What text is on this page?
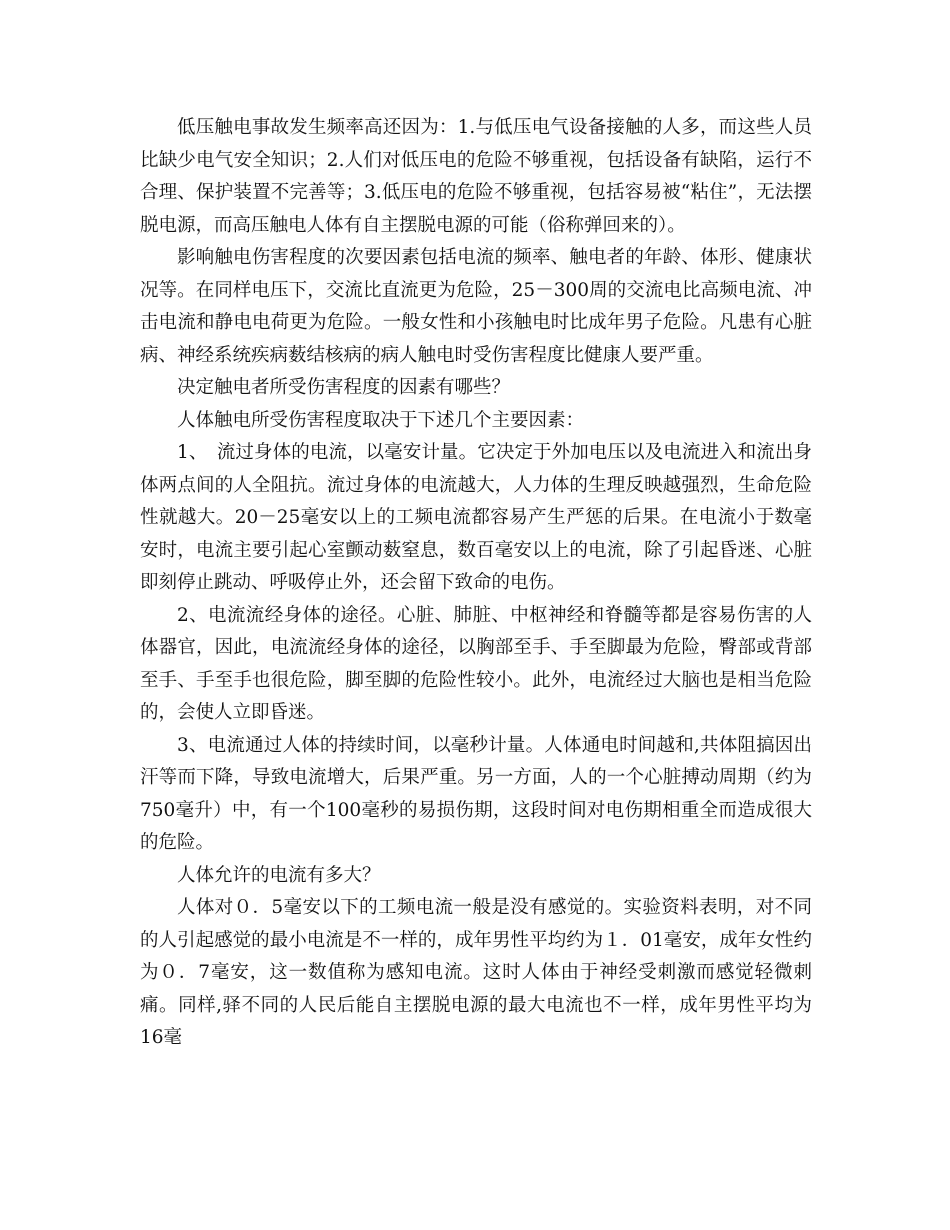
低压触电事故发生频率高还因为：1.与低压电气设备接触的人多，而这些人员比缺少电气安全知识；2.人们对低压电的危险不够重视，包括设备有缺陷，运行不合理、保护装置不完善等；3.低压电的危险不够重视，包括容易被“粘住”，无法摆脱电源，而高压触电人体有自主摆脱电源的可能（俗称弹回来的）。

影响触电伤害程度的次要因素包括电流的频率、触电者的年龄、体形、健康状况等。在同样电压下，交流比直流更为危险，25－300周的交流电比高频电流、冲击电流和静电电荷更为危险。一般女性和小孩触电时比成年男子危险。凡患有心脏病、神经系统疾病薮结核病的病人触电时受伤害程度比健康人要严重。

决定触电者所受伤害程度的因素有哪些？

人体触电所受伤害程度取决于下述几个主要因素：

1、　流过身体的电流，以毫安计量。它决定于外加电压以及电流进入和流出身体两点间的人全阻抗。流过身体的电流越大，人力体的生理反映越强烈，生命危险性就越大。20－25毫安以上的工频电流都容易产生严惩的后果。在电流小于数毫安时，电流主要引起心室颤动薮窒息，数百毫安以上的电流，除了引起昏迷、心脏即刻停止跳动、呼吸停止外，还会留下致命的电伤。

2、电流流经身体的途径。心脏、肺脏、中枢神经和脊髓等都是容易伤害的人体器官，因此，电流流经身体的途径，以胸部至手、手至脚最为危险，臀部或背部至手、手至手也很危险，脚至脚的危险性较小。此外，电流经过大脑也是相当危险的，会使人立即昏迷。

3、电流通过人体的持续时间，以毫秒计量。人体通电时间越和,共体阻搞因出汗等而下降，导致电流增大，后果严重。另一方面，人的一个心脏搏动周期（约为750毫升）中，有一个100毫秒的易损伤期，这段时间对电伤期相重全而造成很大的危险。

人体允许的电流有多大？

人体对０．5毫安以下的工频电流一般是没有感觉的。实验资料表明，对不同的人引起感觉的最小电流是不一样的，成年男性平均约为１．01毫安，成年女性约为０．7毫安，这一数值称为感知电流。这时人体由于神经受刺激而感觉轻微刺痛。同样,驿不同的人民后能自主摆脱电源的最大电流也不一样，成年男性平均为16毫
